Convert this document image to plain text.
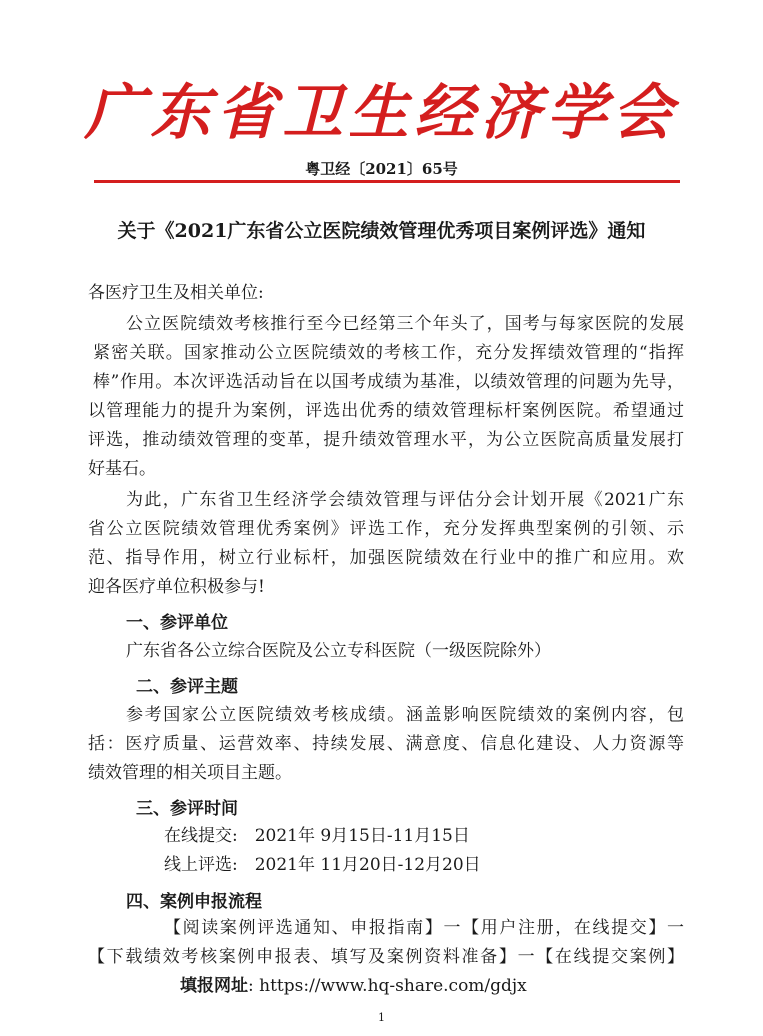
广东省卫生经济学会
粤卫经〔2021〕65号
关于《2021广东省公立医院绩效管理优秀项目案例评选》通知
各医疗卫生及相关单位:
公立医院绩效考核推行至今已经第三个年头了，国考与每家医院的发展
紧密关联。国家推动公立医院绩效的考核工作，充分发挥绩效管理的“指挥
棒”作用。本次评选活动旨在以国考成绩为基准，以绩效管理的问题为先导，
以管理能力的提升为案例，评选出优秀的绩效管理标杆案例医院。希望通过
评选，推动绩效管理的变革，提升绩效管理水平，为公立医院高质量发展打
好基石。
为此，广东省卫生经济学会绩效管理与评估分会计划开展《2021广东
省公立医院绩效管理优秀案例》评选工作，充分发挥典型案例的引领、示
范、指导作用，树立行业标杆，加强医院绩效在行业中的推广和应用。欢
迎各医疗单位积极参与!
一、参评单位
广东省各公立综合医院及公立专科医院（一级医院除外）
二、参评主题
参考国家公立医院绩效考核成绩。涵盖影响医院绩效的案例内容，包
括：医疗质量、运营效率、持续发展、满意度、信息化建设、人力资源等
绩效管理的相关项目主题。
三、参评时间
在线提交:　2021年 9月15日-11月15日
线上评选:　2021年 11月20日-12月20日
四、案例申报流程
【阅读案例评选通知、申报指南】一【用户注册，在线提交】一
【下载绩效考核案例申报表、填写及案例资料准备】一【在线提交案例】
填报网址: https://www.hq-share.com/gdjx
1
